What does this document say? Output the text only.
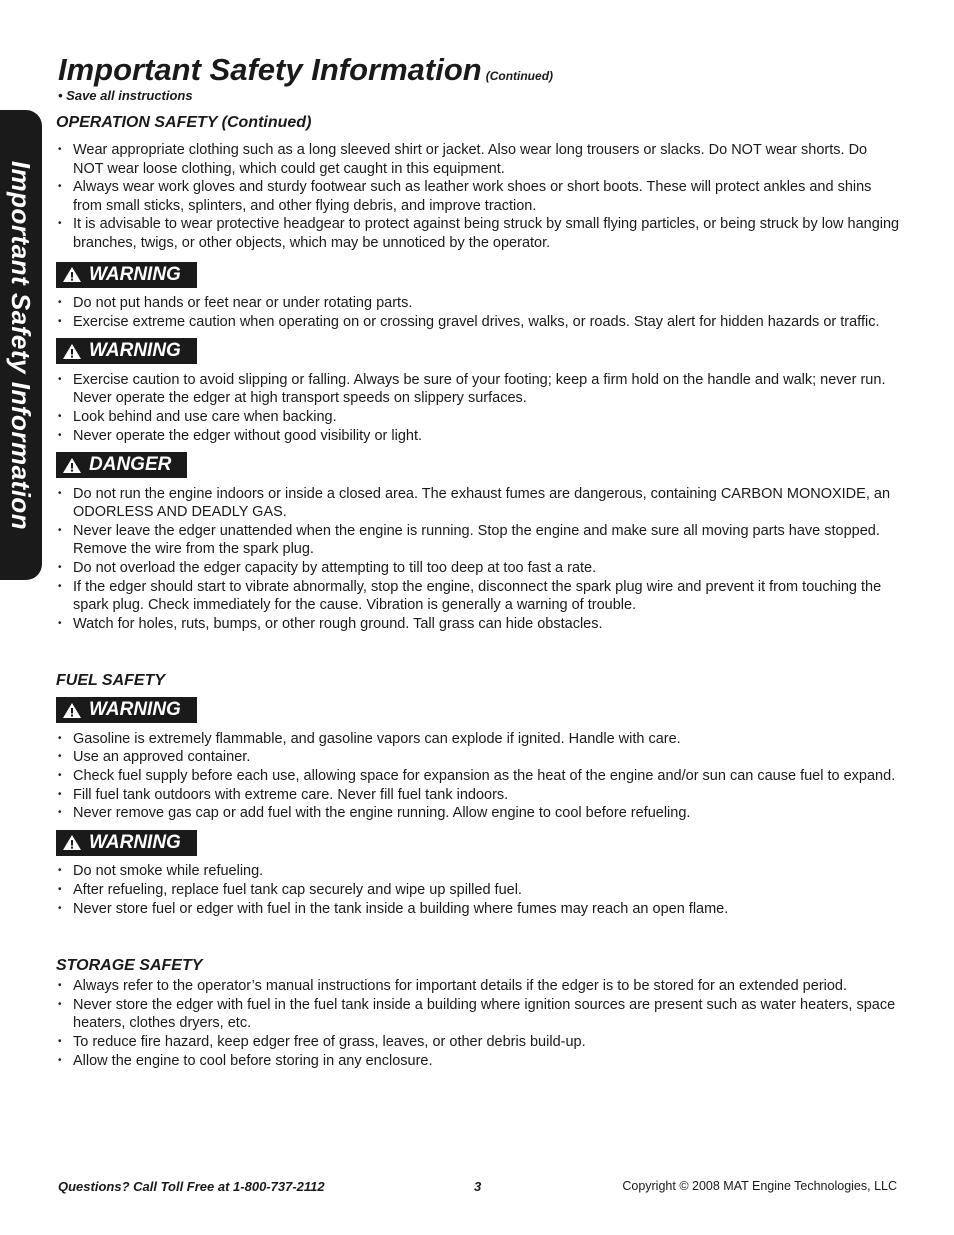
Important Safety Information
Important Safety Information (Continued)
• Save all instructions
OPERATION SAFETY (Continued)
• Wear appropriate clothing such as a long sleeved shirt or jacket. Also wear long trousers or slacks. Do NOT wear shorts. Do NOT wear loose clothing, which could get caught in this equipment.
• Always wear work gloves and sturdy footwear such as leather work shoes or short boots. These will protect ankles and shins from small sticks, splinters, and other flying debris, and improve traction.
• It is advisable to wear protective headgear to protect against being struck by small flying particles, or being struck by low hanging branches, twigs, or other objects, which may be unnoticed by the operator.
WARNING
• Do not put hands or feet near or under rotating parts.
• Exercise extreme caution when operating on or crossing gravel drives, walks, or roads. Stay alert for hidden hazards or traffic.
WARNING
• Exercise caution to avoid slipping or falling. Always be sure of your footing; keep a firm hold on the handle and walk; never run. Never operate the edger at high transport speeds on slippery surfaces.
• Look behind and use care when backing.
• Never operate the edger without good visibility or light.
DANGER
• Do not run the engine indoors or inside a closed area. The exhaust fumes are dangerous, containing CARBON MONOXIDE, an ODORLESS AND DEADLY GAS.
• Never leave the edger unattended when the engine is running. Stop the engine and make sure all moving parts have stopped. Remove the wire from the spark plug.
• Do not overload the edger capacity by attempting to till too deep at too fast a rate.
• If the edger should start to vibrate abnormally, stop the engine, disconnect the spark plug wire and prevent it from touching the spark plug. Check immediately for the cause. Vibration is generally a warning of trouble.
• Watch for holes, ruts, bumps, or other rough ground. Tall grass can hide obstacles.
FUEL SAFETY
WARNING
• Gasoline is extremely flammable, and gasoline vapors can explode if ignited. Handle with care.
• Use an approved container.
• Check fuel supply before each use, allowing space for expansion as the heat of the engine and/or sun can cause fuel to expand.
• Fill fuel tank outdoors with extreme care. Never fill fuel tank indoors.
• Never remove gas cap or add fuel with the engine running. Allow engine to cool before refueling.
WARNING
• Do not smoke while refueling.
• After refueling, replace fuel tank cap securely and wipe up spilled fuel.
• Never store fuel or edger with fuel in the tank inside a building where fumes may reach an open flame.
STORAGE SAFETY
• Always refer to the operator’s manual instructions for important details if the edger is to be stored for an extended period.
• Never store the edger with fuel in the fuel tank inside a building where ignition sources are present such as water heaters, space heaters, clothes dryers, etc.
• To reduce fire hazard, keep edger free of grass, leaves, or other debris build-up.
• Allow the engine to cool before storing in any enclosure.
Questions? Call Toll Free at 1-800-737-2112	3	Copyright © 2008 MAT Engine Technologies, LLC
